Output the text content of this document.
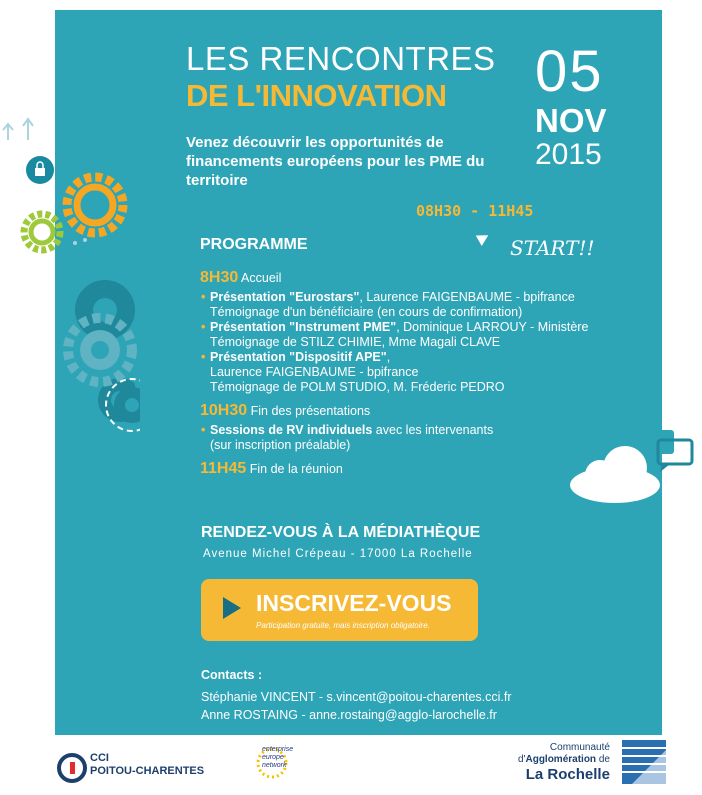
LES RENCONTRES
DE L'INNOVATION 05
NOV
2015
Venez découvrir les opportunités de financements européens pour les PME du territoire
08H30 - 11H45
START!!
PROGRAMME
8H30 Accueil
• Présentation "Eurostars", Laurence FAIGENBAUME - bpifrance
Témoignage d'un bénéficiaire (en cours de confirmation)
• Présentation "Instrument PME", Dominique LARROUY - Ministère
Témoignage de STILZ CHIMIE, Mme Magali CLAVE
• Présentation "Dispositif APE",
Laurence FAIGENBAUME - bpifrance
Témoignage de POLM STUDIO, M. Fréderic PEDRO
10H30 Fin des présentations
• Sessions de RV individuels avec les intervenants
(sur inscription préalable)
11H45 Fin de la réunion
RENDEZ-VOUS À LA MÉDIATHÈQUE
Avenue Michel Crépeau - 17000 La Rochelle
INSCRIVEZ-VOUS
Participation gratuite, mais inscription obligatoire.
Contacts :
Stéphanie VINCENT - s.vincent@poitou-charentes.cci.fr
Anne ROSTAING - anne.rostaing@agglo-larochelle.fr
CCI
POITOU-CHARENTES
enterprise
europe
network
Communauté
d'Agglomération de
La Rochelle
